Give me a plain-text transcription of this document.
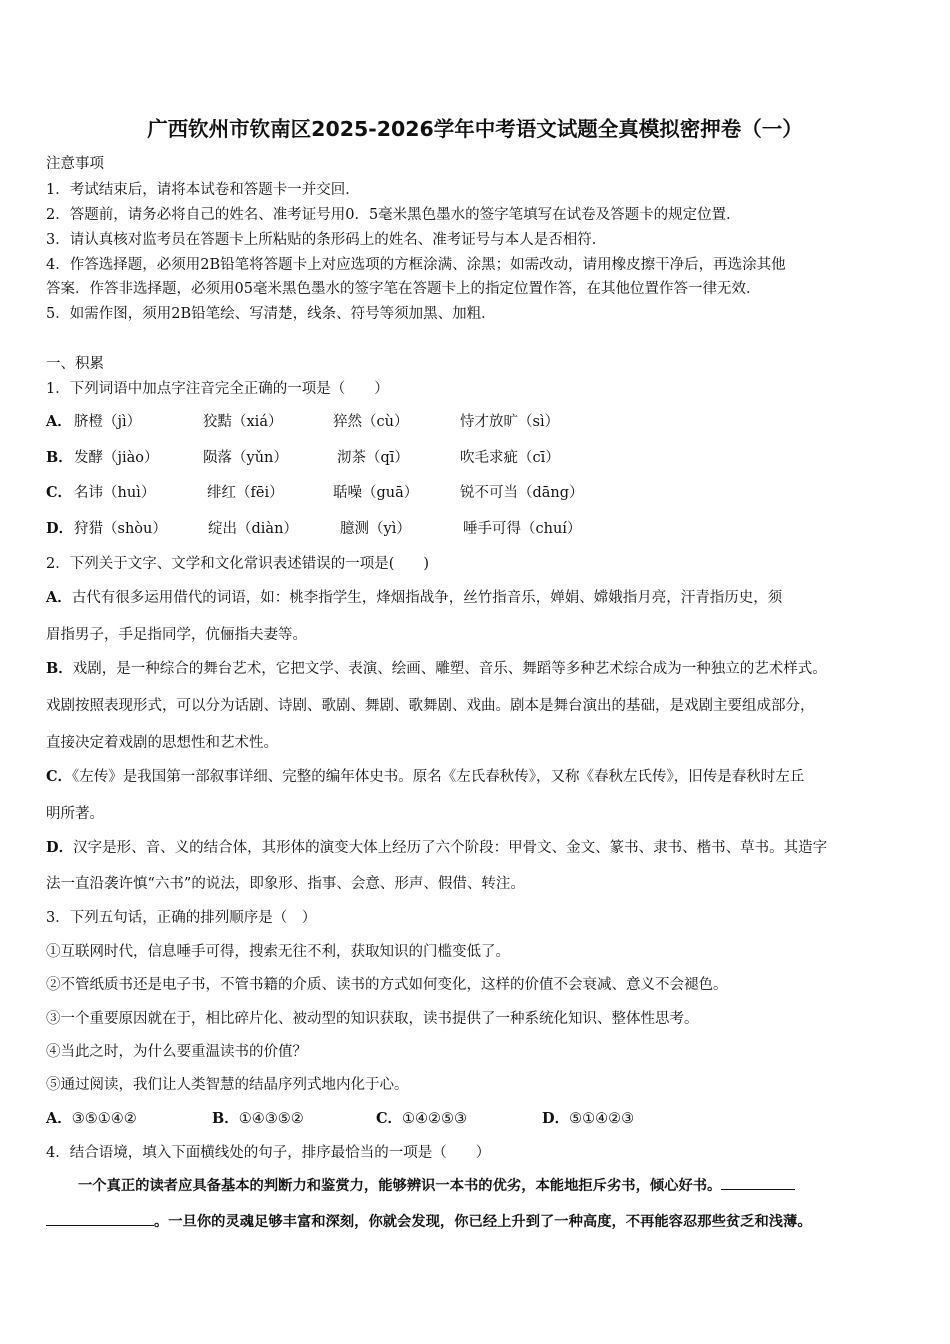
广西钦州市钦南区2025-2026学年中考语文试题全真模拟密押卷（一）
注意事项
1．考试结束后，请将本试卷和答题卡一并交回．
2．答题前，请务必将自己的姓名、准考证号用0．5毫米黑色墨水的签字笔填写在试卷及答题卡的规定位置．
3．请认真核对监考员在答题卡上所粘贴的条形码上的姓名、准考证号与本人是否相符．
4．作答选择题，必须用2B铅笔将答题卡上对应选项的方框涂满、涂黑；如需改动，请用橡皮擦干净后，再选涂其他
答案．作答非选择题，必须用05毫米黑色墨水的签字笔在答题卡上的指定位置作答，在其他位置作答一律无效．
5．如需作图，须用2B铅笔绘、写清楚，线条、符号等须加黑、加粗．
一、积累
1．下列词语中加点字注音完全正确的一项是（　　）
A． 脐橙（jì）	狡黠（xiá）	猝然（cù）	恃才放旷（sì）
B． 发酵（jiào）	陨落（yǔn）	沏茶（qī）	吹毛求疵（cī）
C． 名讳（huì）	绯红（fēi）	聒噪（guā）	锐不可当（dāng）
D． 狩猎（shòu）	绽出（diàn）	臆测（yì）	唾手可得（chuí）
2．下列关于文字、文学和文化常识表述错误的一项是(　　)
A．古代有很多运用借代的词语，如：桃李指学生，烽烟指战争，丝竹指音乐，婵娟、嫦娥指月亮，汗青指历史，须
眉指男子，手足指同学，伉俪指夫妻等。
B．戏剧，是一种综合的舞台艺术，它把文学、表演、绘画、雕塑、音乐、舞蹈等多种艺术综合成为一种独立的艺术样式。
戏剧按照表现形式，可以分为话剧、诗剧、歌剧、舞剧、歌舞剧、戏曲。剧本是舞台演出的基础，是戏剧主要组成部分，
直接决定着戏剧的思想性和艺术性。
C．《左传》是我国第一部叙事详细、完整的编年体史书。原名《左氏春秋传》，又称《春秋左氏传》，旧传是春秋时左丘
明所著。
D．汉字是形、音、义的结合体，其形体的演变大体上经历了六个阶段：甲骨文、金文、篆书、隶书、楷书、草书。其造字
法一直沿袭许慎“六书”的说法，即象形、指事、会意、形声、假借、转注。
3．下列五句话，正确的排列顺序是（　）
①互联网时代，信息唾手可得，搜索无往不利，获取知识的门槛变低了。
②不管纸质书还是电子书，不管书籍的介质、读书的方式如何变化，这样的价值不会衰减、意义不会褪色。
③一个重要原因就在于，相比碎片化、被动型的知识获取，读书提供了一种系统化知识、整体性思考。
④当此之时，为什么要重温读书的价值？
⑤通过阅读，我们让人类智慧的结晶序列式地内化于心。
A．③⑤①④②	B．①④③⑤②	C．①④②⑤③	D．⑤①④②③
4．结合语境，填入下面横线处的句子，排序最恰当的一项是（　　）
一个真正的读者应具备基本的判断力和鉴赏力，能够辨识一本书的优劣，本能地拒斥劣书，倾心好书。
。一旦你的灵魂足够丰富和深刻，你就会发现，你已经上升到了一种高度，不再能容忍那些贫乏和浅薄。
